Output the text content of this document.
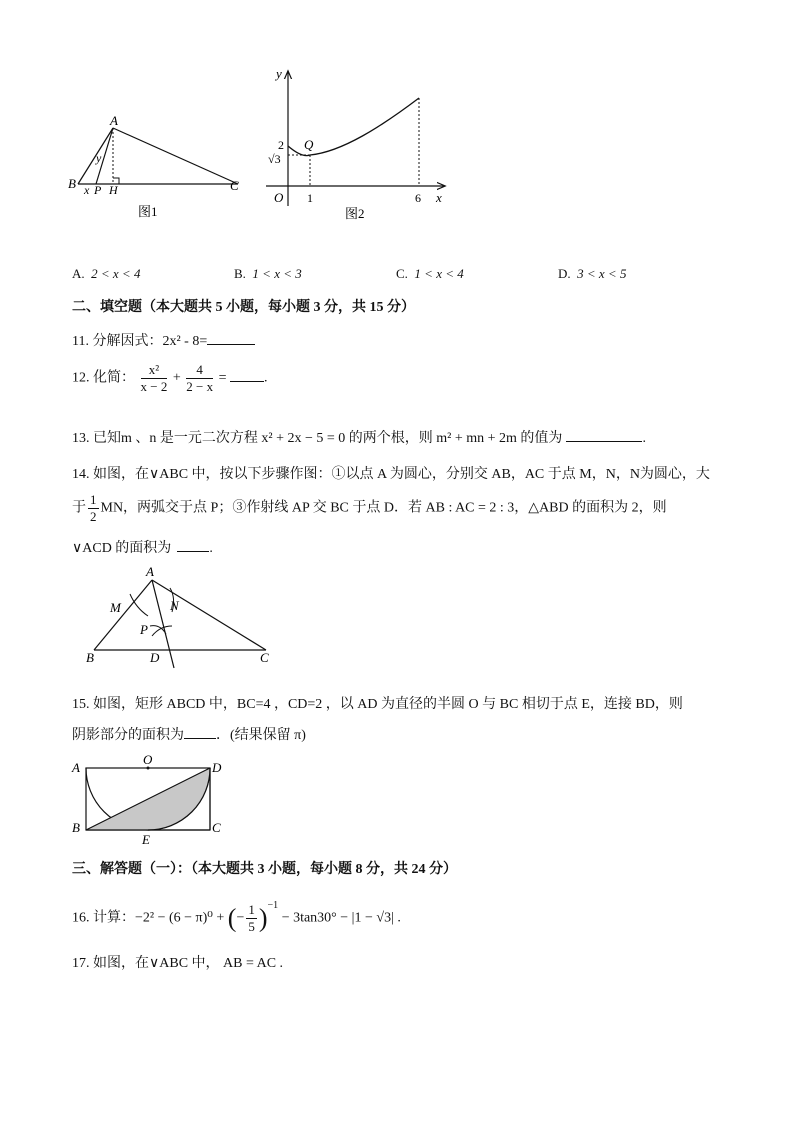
A
B	C
y
x P H
图1
y
x
O
Q
2
√3
1	6
图2
A. 2 < x < 4	B. 1 < x < 3	C. 1 < x < 4	D. 3 < x < 5
二、填空题（本大题共 5 小题，每小题 3 分，共 15 分）
11. 分解因式：2x² - 8=
12. 化简： $\frac{\text{x²}}{x - 2} + \frac{4}{2 - x}$ =	.
13. 已知m 、n 是一元二次方程 x² + 2x − 5 = 0 的两个根，则 m² + mn + 2m 的值为	.
14. 如图，在∨ABC 中，按以下步骤作图：①以点 A 为圆心，分别交 AB，AC 于点 M，N，N为圆心，大
于 $\frac{1}{2}$ MN，两弧交于点 P；③作射线 AP 交 BC 于点 D．若 AB : AC = 2 : 3，△ABD 的面积为 2，则
∨ACD 的面积为	.
A
B	C
D
M	N
P
15. 如图，矩形 ABCD 中，BC=4 ，CD=2 ，以 AD 为直径的半圆 O 与 BC 相切于点 E，连接 BD，则
阴影部分的面积为 ．(结果保留 π)
A
O
D
B	C
E
三、解答题（一）：（本大题共 3 小题，每小题 8 分，共 24 分）
16. 计算：−2² − (6 − π)⁰ + (− $\frac{1}{5} )^{-1} - 3\tan 30^\circ - |1 - √3|$ .
17. 如图，在∨ABC 中， AB = AC .
